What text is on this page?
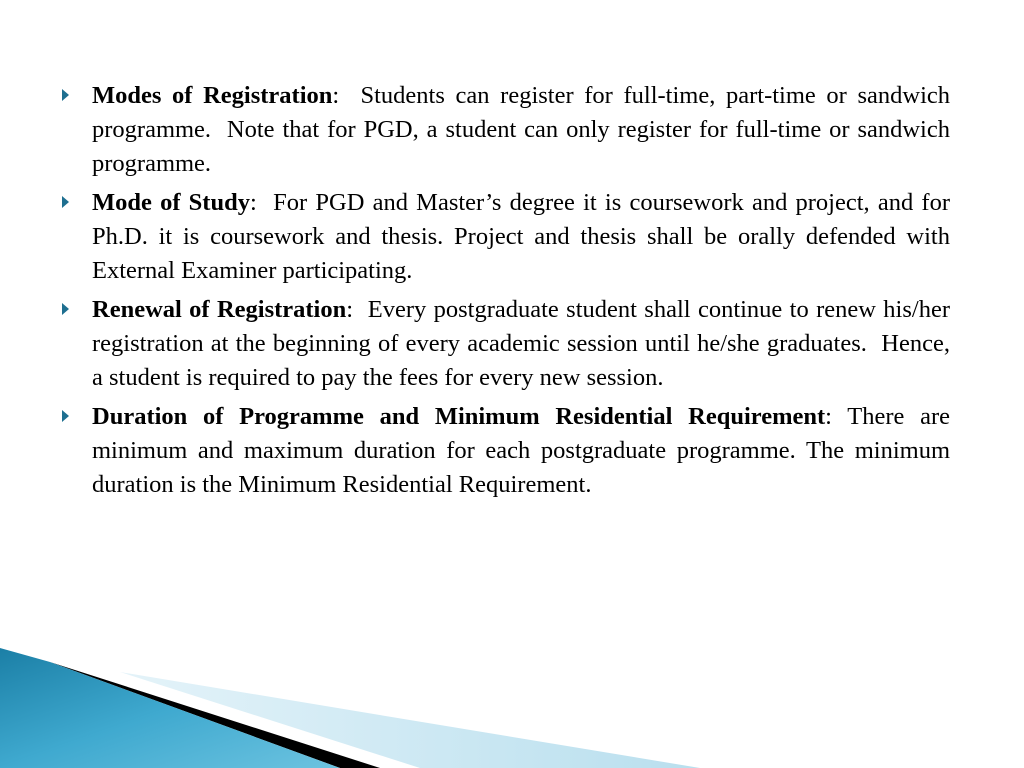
Modes of Registration:  Students can register for full-time, part-time or sandwich programme.  Note that for PGD, a student can only register for full-time or sandwich programme.

Mode of Study:  For PGD and Master’s degree it is coursework and project, and for Ph.D. it is coursework and thesis. Project and thesis shall be orally defended with External Examiner participating.

Renewal of Registration:  Every postgraduate student shall continue to renew his/her registration at the beginning of every academic session until he/she graduates.  Hence, a student is required to pay the fees for every new session.

Duration of Programme and Minimum Residential Requirement: There are minimum and maximum duration for each postgraduate programme. The minimum duration is the Minimum Residential Requirement.
